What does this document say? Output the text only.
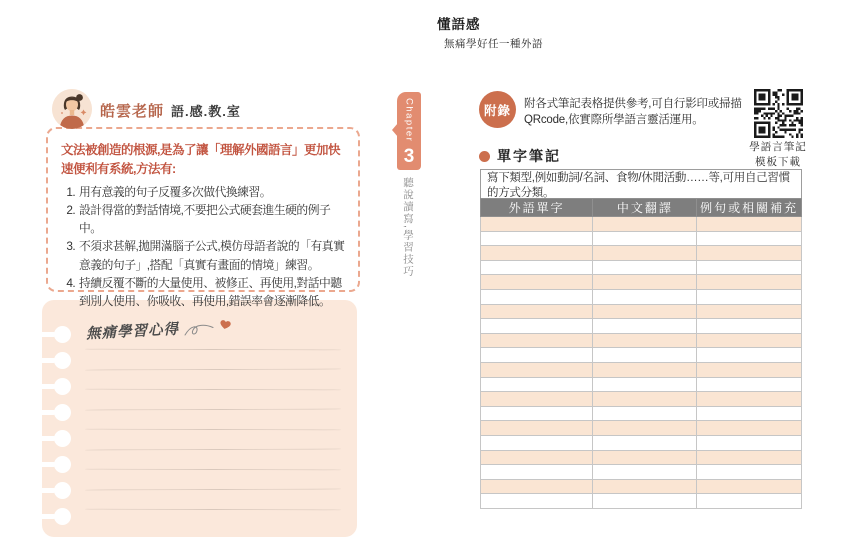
懂語感
無痛學好任一種外語
皓雲老師 語.感.教.室
文法被創造的根源,是為了讓「理解外國語言」更加快速便利有系統,方法有:
1. 用有意義的句子反覆多次做代換練習。
2. 設計得當的對話情境,不要把公式硬套進生硬的例子中。
3. 不須求甚解,拋開滿腦子公式,模仿母語者說的「有真實意義的句子」,搭配「真實有畫面的情境」練習。
4. 持續反覆不斷的大量使用、被修正、再使用,對話中聽到別人使用、你吸收、再使用,錯誤率會逐漸降低。
無痛學習心得
Chapter
3
聽說讀寫,學習技巧
附錄	附各式筆記表格提供參考,可自行影印或掃描QRcode,依實際所學語言靈活運用。
學語言筆記
模板下載
單字筆記
寫下類型,例如動詞/名詞、食物/休閒活動……等,可用自己習慣的方式分類。
外語單字	中文翻譯	例句或相關補充
